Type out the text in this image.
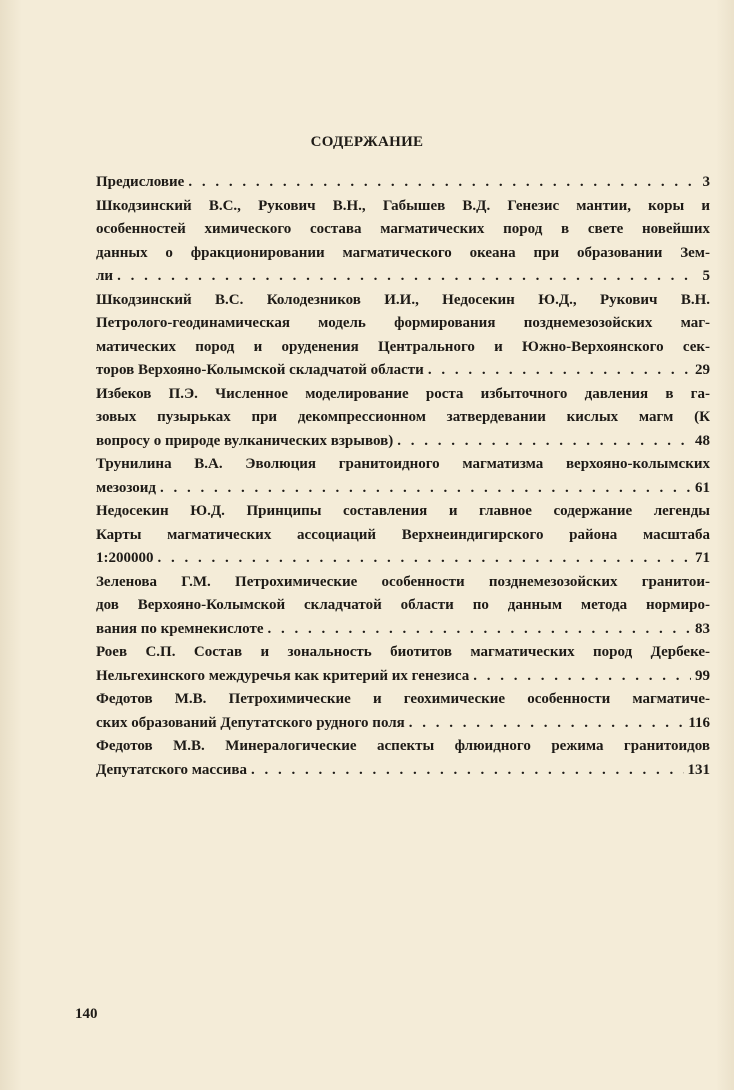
СОДЕРЖАНИЕ
Предисловие . . .	3
Шкодзинский В.С., Рукович В.Н., Габышев В.Д. Генезис мантии, коры и
особенностей химического состава магматических пород в свете новейших
данных о фракционировании магматического океана при образовании Зем-
ли . . .	5
Шкодзинский В.С. Колодезников И.И., Недосекин Ю.Д., Рукович В.Н.
Петролого-геодинамическая модель формирования позднемезозойских маг-
матических пород и оруденения Центрального и Южно-Верхоянского сек-
торов Верхояно-Колымской складчатой области . . .	29
Избеков П.Э. Численное моделирование роста избыточного давления в га-
зовых пузырьках при декомпрессионном затвердевании кислых магм (К
вопросу о природе вулканических взрывов) . . .	48
Трунилина В.А. Эволюция гранитоидного магматизма верхояно-колымских
мезозоид . . .	61
Недосекин Ю.Д. Принципы составления и главное содержание легенды
Карты магматических ассоциаций Верхнеиндигирского района масштаба
1:200000 . . .	71
Зеленова Г.М. Петрохимические особенности позднемезозойских гранитои-
дов Верхояно-Колымской складчатой области по данным метода нормиро-
вания по кремнекислоте . . .	83
Роев С.П. Состав и зональность биотитов магматических пород Дербеке-
Нельгехинского междуречья как критерий их генезиса . . .	99
Федотов М.В. Петрохимические и геохимические особенности магматиче-
ских образований Депутатского рудного поля . . .	116
Федотов М.В. Минералогические аспекты флюидного режима гранитоидов
Депутатского массива . . .	131
140
